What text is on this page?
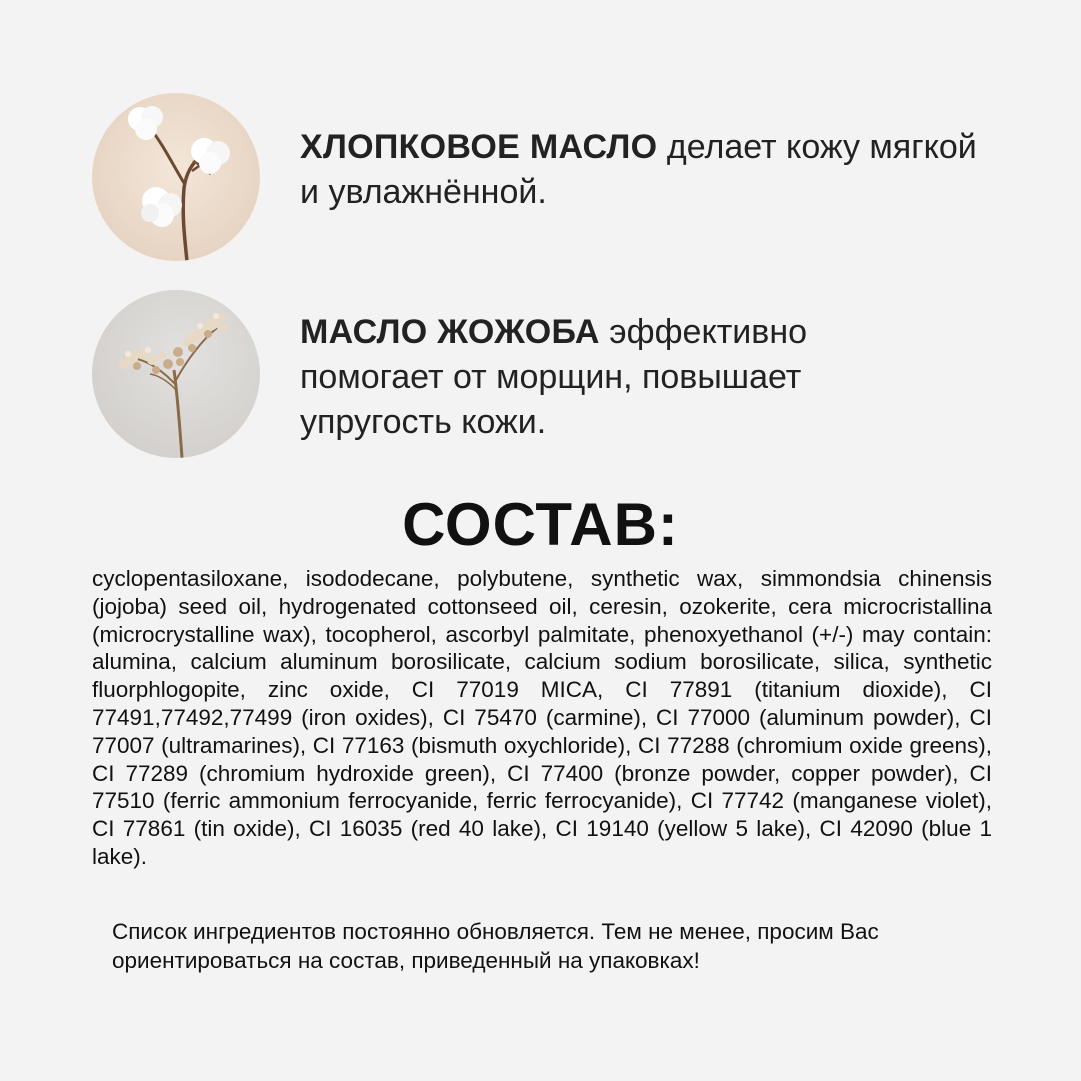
ХЛОПКОВОЕ МАСЛО делает кожу мягкой и увлажнённой.
МАСЛО ЖОЖОБА эффективно помогает от морщин, повышает упругость кожи.
СОСТАВ:
cyclopentasiloxane, isododecane, polybutene, synthetic wax, simmondsia chinensis (jojoba) seed oil, hydrogenated cottonseed oil, ceresin, ozokerite, cera microcristallina (microcrystalline wax), tocopherol, ascorbyl palmitate, phenoxyethanol (+/-) may contain: alumina, calcium aluminum borosilicate, calcium sodium borosilicate, silica, synthetic fluorphlogopite, zinc oxide, CI 77019 MICA, CI 77891 (titanium dioxide), CI 77491,77492,77499 (iron oxides), CI 75470 (carmine), CI 77000 (aluminum powder), CI 77007 (ultramarines), CI 77163 (bismuth oxychloride), CI 77288 (chromium oxide greens), CI 77289 (chromium hydroxide green), CI 77400 (bronze powder, copper powder), CI 77510 (ferric ammonium ferrocyanide, ferric ferrocyanide), CI 77742 (manganese violet), CI 77861 (tin oxide), CI 16035 (red 40 lake), CI 19140 (yellow 5 lake), CI 42090 (blue 1 lake).
Список ингредиентов постоянно обновляется. Тем не менее, просим Вас ориентироваться на состав, приведенный на упаковках!
